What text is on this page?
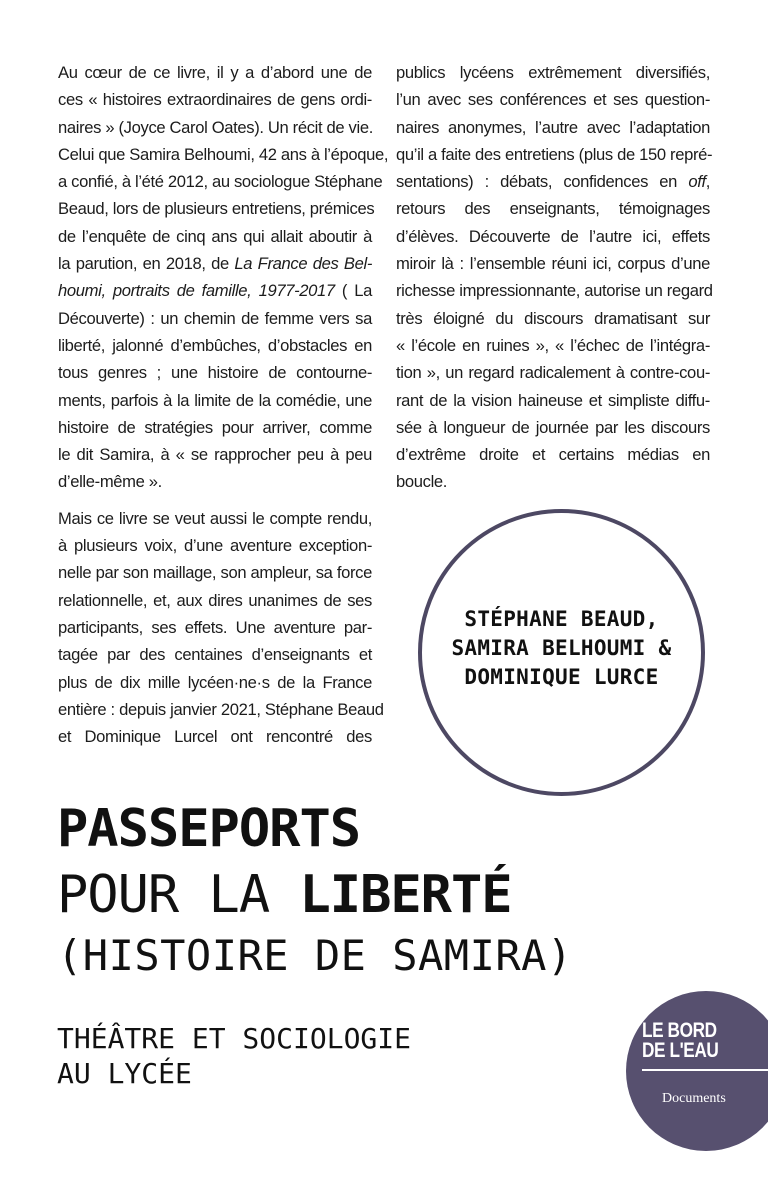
Au cœur de ce livre, il y a d’abord une de
ces « histoires extraordinaires de gens ordi-
naires » (Joyce Carol Oates). Un récit de vie.
Celui que Samira Belhoumi, 42 ans à l’époque,
a confié, à l’été 2012, au sociologue Stéphane
Beaud, lors de plusieurs entretiens, prémices
de l’enquête de cinq ans qui allait aboutir à
la parution, en 2018, de La France des Bel-
houmi, portraits de famille, 1977-2017 ( La
Découverte) : un chemin de femme vers sa
liberté, jalonné d’embûches, d’obstacles en
tous genres ; une histoire de contourne-
ments, parfois à la limite de la comédie, une
histoire de stratégies pour arriver, comme
le dit Samira, à « se rapprocher peu à peu
d’elle-même ».

Mais ce livre se veut aussi le compte rendu,
à plusieurs voix, d’une aventure exception-
nelle par son maillage, son ampleur, sa force
relationnelle, et, aux dires unanimes de ses
participants, ses effets. Une aventure par-
tagée par des centaines d’enseignants et
plus de dix mille lycéen·ne·s de la France
entière : depuis janvier 2021, Stéphane Beaud
et Dominique Lurcel ont rencontré des

publics lycéens extrêmement diversifiés,
l’un avec ses conférences et ses question-
naires anonymes, l’autre avec l’adaptation
qu’il a faite des entretiens (plus de 150 repré-
sentations) : débats, confidences en off,
retours des enseignants, témoignages
d’élèves. Découverte de l’autre ici, effets
miroir là : l’ensemble réuni ici, corpus d’une
richesse impressionnante, autorise un regard
très éloigné du discours dramatisant sur
« l’école en ruines », « l’échec de l’intégra-
tion », un regard radicalement à contre-cou-
rant de la vision haineuse et simpliste diffu-
sée à longueur de journée par les discours
d’extrême droite et certains médias en
boucle.

STÉPHANE BEAUD,
SAMIRA BELHOUMI &
DOMINIQUE LURCE
PASSEPORTS
POUR LA LIBERTÉ
(HISTOIRE DE SAMIRA)
THÉÂTRE ET SOCIOLOGIE
AU LYCÉE
LE BORD
DE L'EAU
Documents
